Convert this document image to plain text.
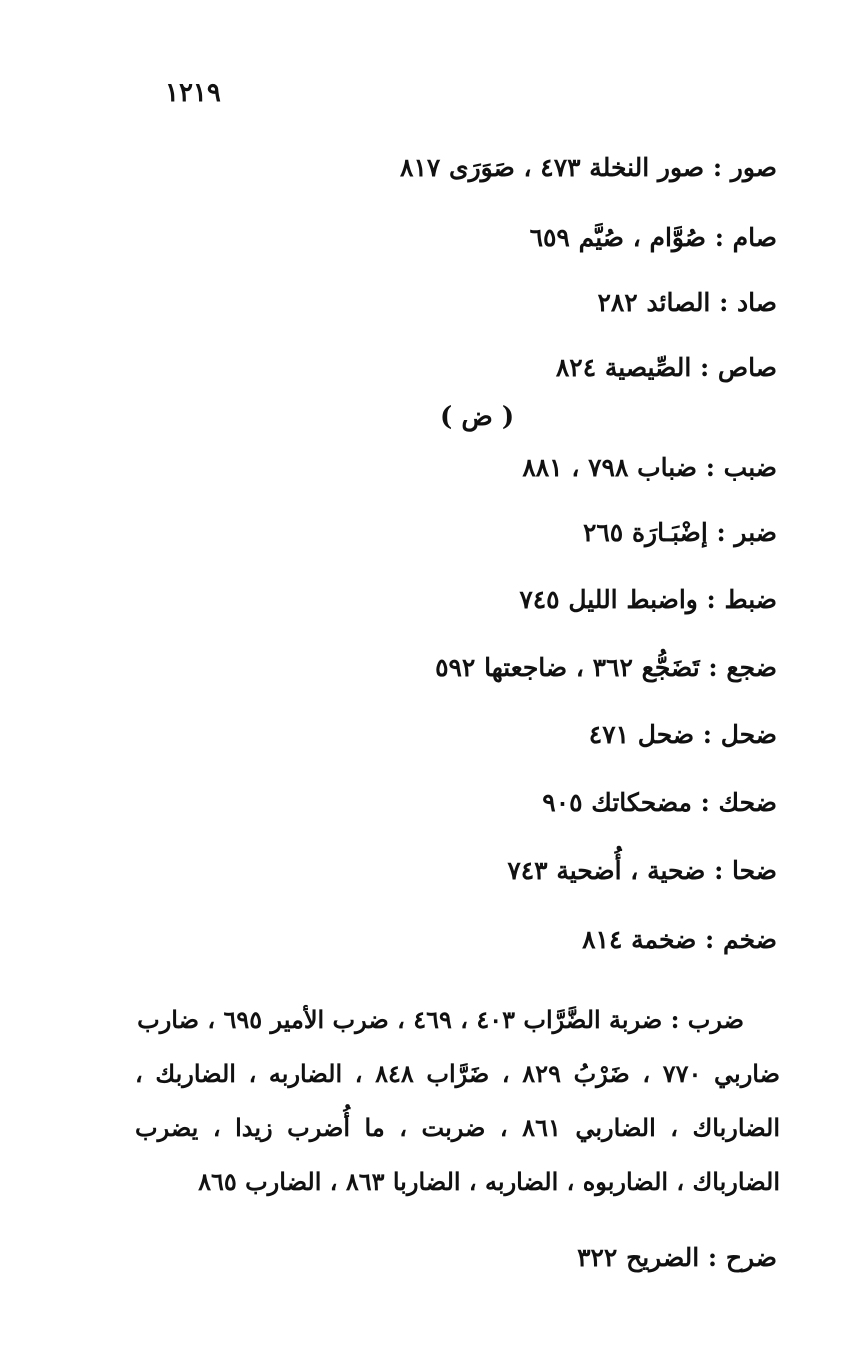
١٢١٩
صور : صور النخلة ٤٧٣ ، صَوَرَى ٨١٧
صام : صُوَّام ، صُيَّم ٦٥٩
صاد : الصائد ٢٨٢
صاص : الصِّيصية ٨٢٤
( ض )
ضبب : ضباب ٧٩٨ ، ٨٨١
ضبر : إضْبَـارَة ٢٦٥
ضبط : واضبط الليل ٧٤٥
ضجع : تَضَجُّع ٣٦٢ ، ضاجعتها ٥٩٢
ضحل : ضحل ٤٧١
ضحك : مضحكاتك ٩٠٥
ضحا : ضحية ، أُضحية ٧٤٣
ضخم : ضخمة ٨١٤
ضرب : ضربة الضَّرَّاب ٤٠٣ ، ٤٦٩ ، ضرب الأمير ٦٩٥ ، ضارب ضاربي ٧٧٠ ، ضَرْبُ ٨٢٩ ، ضَرَّاب ٨٤٨ ، الضاربه ، الضاربك ، الضارباك ، الضاربي ٨٦١ ، ضربت ، ما أُضرب زيدا ، يضرب الضارباك ، الضاربوه ، الضاربه ، الضاربا ٨٦٣ ، الضارب ٨٦٥
ضرح : الضريح ٣٢٢
